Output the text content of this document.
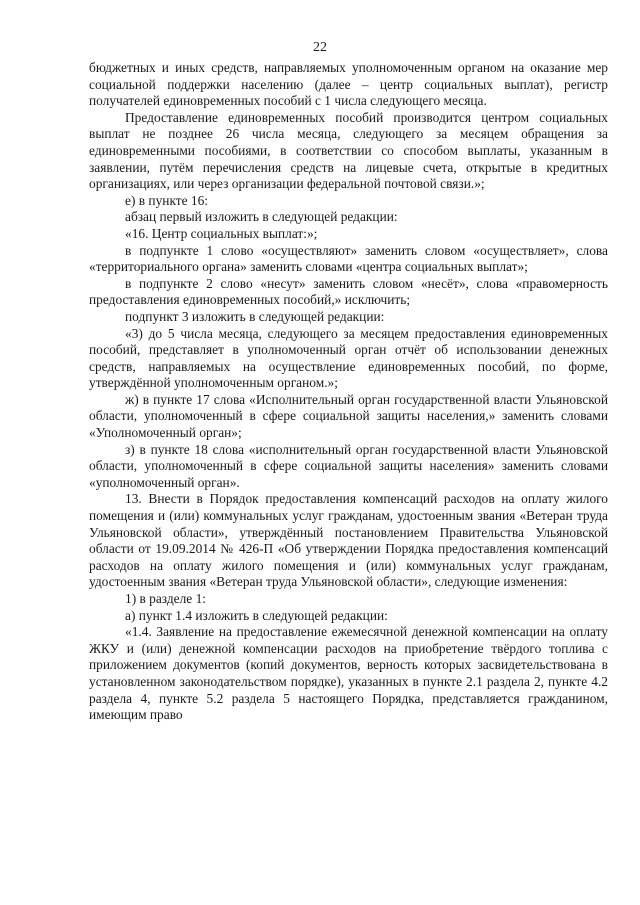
22

бюджетных и иных средств, направляемых уполномоченным органом на оказание мер социальной поддержки населению (далее – центр социальных выплат), регистр получателей единовременных пособий с 1 числа следующего месяца.

Предоставление единовременных пособий производится центром социальных выплат не позднее 26 числа месяца, следующего за месяцем обращения за единовременными пособиями, в соответствии со способом выплаты, указанным в заявлении, путём перечисления средств на лицевые счета, открытые в кредитных организациях, или через организации федеральной почтовой связи.»;

е) в пункте 16:

абзац первый изложить в следующей редакции:

«16. Центр социальных выплат:»;

в подпункте 1 слово «осуществляют» заменить словом «осуществляет», слова «территориального органа» заменить словами «центра социальных выплат»;

в подпункте 2 слово «несут» заменить словом «несёт», слова «правомерность предоставления единовременных пособий,» исключить;

подпункт 3 изложить в следующей редакции:

«3) до 5 числа месяца, следующего за месяцем предоставления единовременных пособий, представляет в уполномоченный орган отчёт об использовании денежных средств, направляемых на осуществление единовременных пособий, по форме, утверждённой уполномоченным органом.»;

ж) в пункте 17 слова «Исполнительный орган государственной власти Ульяновской области, уполномоченный в сфере социальной защиты населения,» заменить словами «Уполномоченный орган»;

з) в пункте 18 слова «исполнительный орган государственной власти Ульяновской области, уполномоченный в сфере социальной защиты населения» заменить словами «уполномоченный орган».

13. Внести в Порядок предоставления компенсаций расходов на оплату жилого помещения и (или) коммунальных услуг гражданам, удостоенным звания «Ветеран труда Ульяновской области», утверждённый постановлением Правительства Ульяновской области от 19.09.2014 № 426-П «Об утверждении Порядка предоставления компенсаций расходов на оплату жилого помещения и (или) коммунальных услуг гражданам, удостоенным звания «Ветеран труда Ульяновской области», следующие изменения:

1) в разделе 1:

а) пункт 1.4 изложить в следующей редакции:

«1.4. Заявление на предоставление ежемесячной денежной компенсации на оплату ЖКУ и (или) денежной компенсации расходов на приобретение твёрдого топлива с приложением документов (копий документов, верность которых засвидетельствована в установленном законодательством порядке), указанных в пункте 2.1 раздела 2, пункте 4.2 раздела 4, пункте 5.2 раздела 5 настоящего Порядка, представляется гражданином, имеющим право
